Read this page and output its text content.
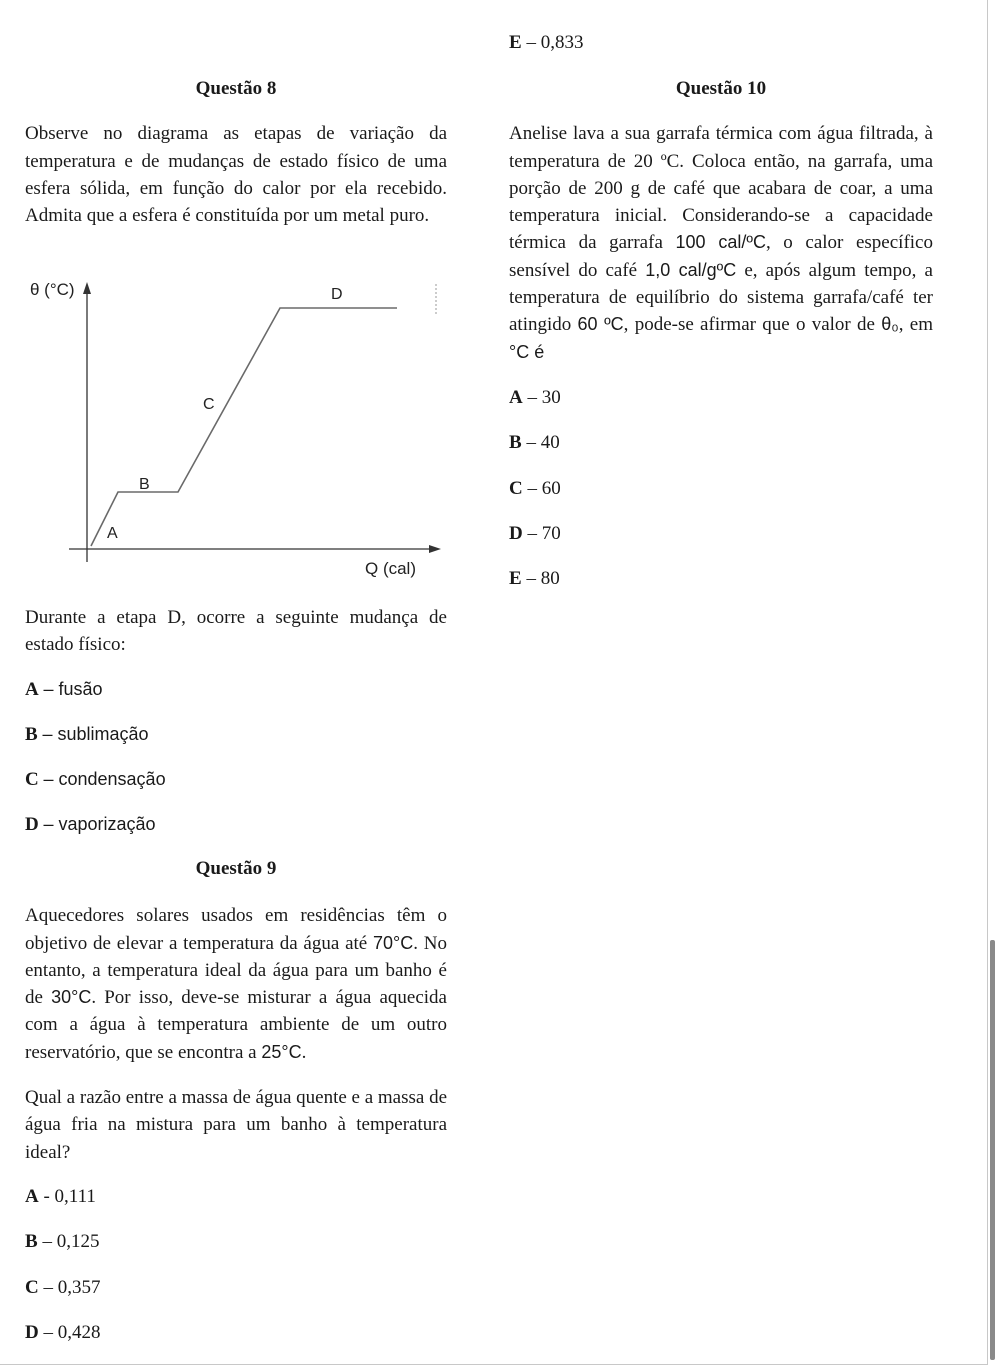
E – 0,833

Questão 8

Observe no diagrama as etapas de variação da temperatura e de mudanças de estado físico de uma esfera sólida, em função do calor por ela recebido. Admita que a esfera é constituída por um metal puro.

θ (°C)
Q (cal)
A
B
C
D

Durante a etapa D, ocorre a seguinte mudança de estado físico:

A – fusão

B – sublimação

C – condensação

D – vaporização

Questão 9

Aquecedores solares usados em residências têm o objetivo de elevar a temperatura da água até 70°C. No entanto, a temperatura ideal da água para um banho é de 30°C. Por isso, deve-se misturar a água aquecida com a água à temperatura ambiente de um outro reservatório, que se encontra a 25°C.

Qual a razão entre a massa de água quente e a massa de água fria na mistura para um banho à temperatura ideal?

A - 0,111

B – 0,125

C – 0,357

D – 0,428

Questão 10

Anelise lava a sua garrafa térmica com água filtrada, à temperatura de 20 ºC. Coloca então, na garrafa, uma porção de 200 g de café que acabara de coar, a uma temperatura inicial. Considerando-se a capacidade térmica da garrafa 100 cal/ºC, o calor específico sensível do café 1,0 cal/gºC e, após algum tempo, a temperatura de equilíbrio do sistema garrafa/café ter atingido 60 ºC, pode-se afirmar que o valor de θ₀, em °C é

A – 30

B – 40

C – 60

D – 70

E – 80
